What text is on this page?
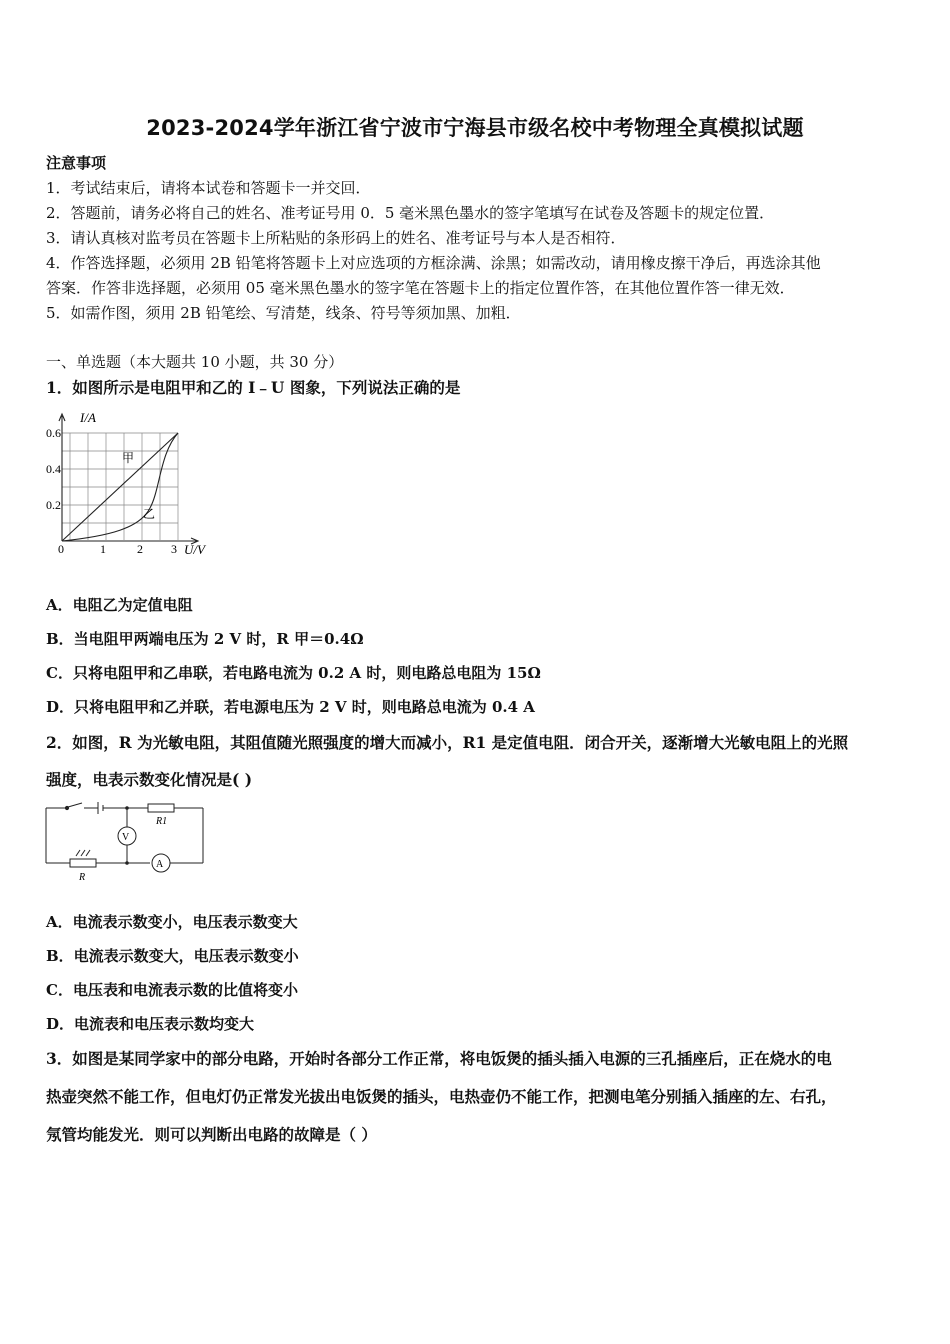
2023-2024学年浙江省宁波市宁海县市级名校中考物理全真模拟试题
注意事项
1．考试结束后，请将本试卷和答题卡一并交回．
2．答题前，请务必将自己的姓名、准考证号用 0．5 毫米黑色墨水的签字笔填写在试卷及答题卡的规定位置．
3．请认真核对监考员在答题卡上所粘贴的条形码上的姓名、准考证号与本人是否相符．
4．作答选择题，必须用 2B 铅笔将答题卡上对应选项的方框涂满、涂黑；如需改动，请用橡皮擦干净后，再选涂其他
答案．作答非选择题，必须用 05 毫米黑色墨水的签字笔在答题卡上的指定位置作答，在其他位置作答一律无效．
5．如需作图，须用 2B 铅笔绘、写清楚，线条、符号等须加黑、加粗．
一、单选题（本大题共 10 小题，共 30 分）
1．如图所示是电阻甲和乙的 I﹣U 图象，下列说法正确的是
I/A
0.6
0.4
0.2
0	1	2 3 U/V
甲
乙
A．电阻乙为定值电阻
B．当电阻甲两端电压为 2 V 时，R 甲＝0.4Ω
C．只将电阻甲和乙串联，若电路电流为 0.2 A 时，则电路总电阻为 15Ω
D．只将电阻甲和乙并联，若电源电压为 2 V 时，则电路总电流为 0.4 A
2．如图，R 为光敏电阻，其阻值随光照强度的增大而减小，R1 是定值电阻．闭合开关，逐渐增大光敏电阻上的光照
强度，电表示数变化情况是( )
V
A
R1
R
A．电流表示数变小，电压表示数变大
B．电流表示数变大，电压表示数变小
C．电压表和电流表示数的比值将变小
D．电流表和电压表示数均变大
3．如图是某同学家中的部分电路，开始时各部分工作正常，将电饭煲的插头插入电源的三孔插座后，正在烧水的电
热壶突然不能工作，但电灯仍正常发光拔出电饭煲的插头，电热壶仍不能工作，把测电笔分别插入插座的左、右孔，
氖管均能发光．则可以判断出电路的故障是（ ）
